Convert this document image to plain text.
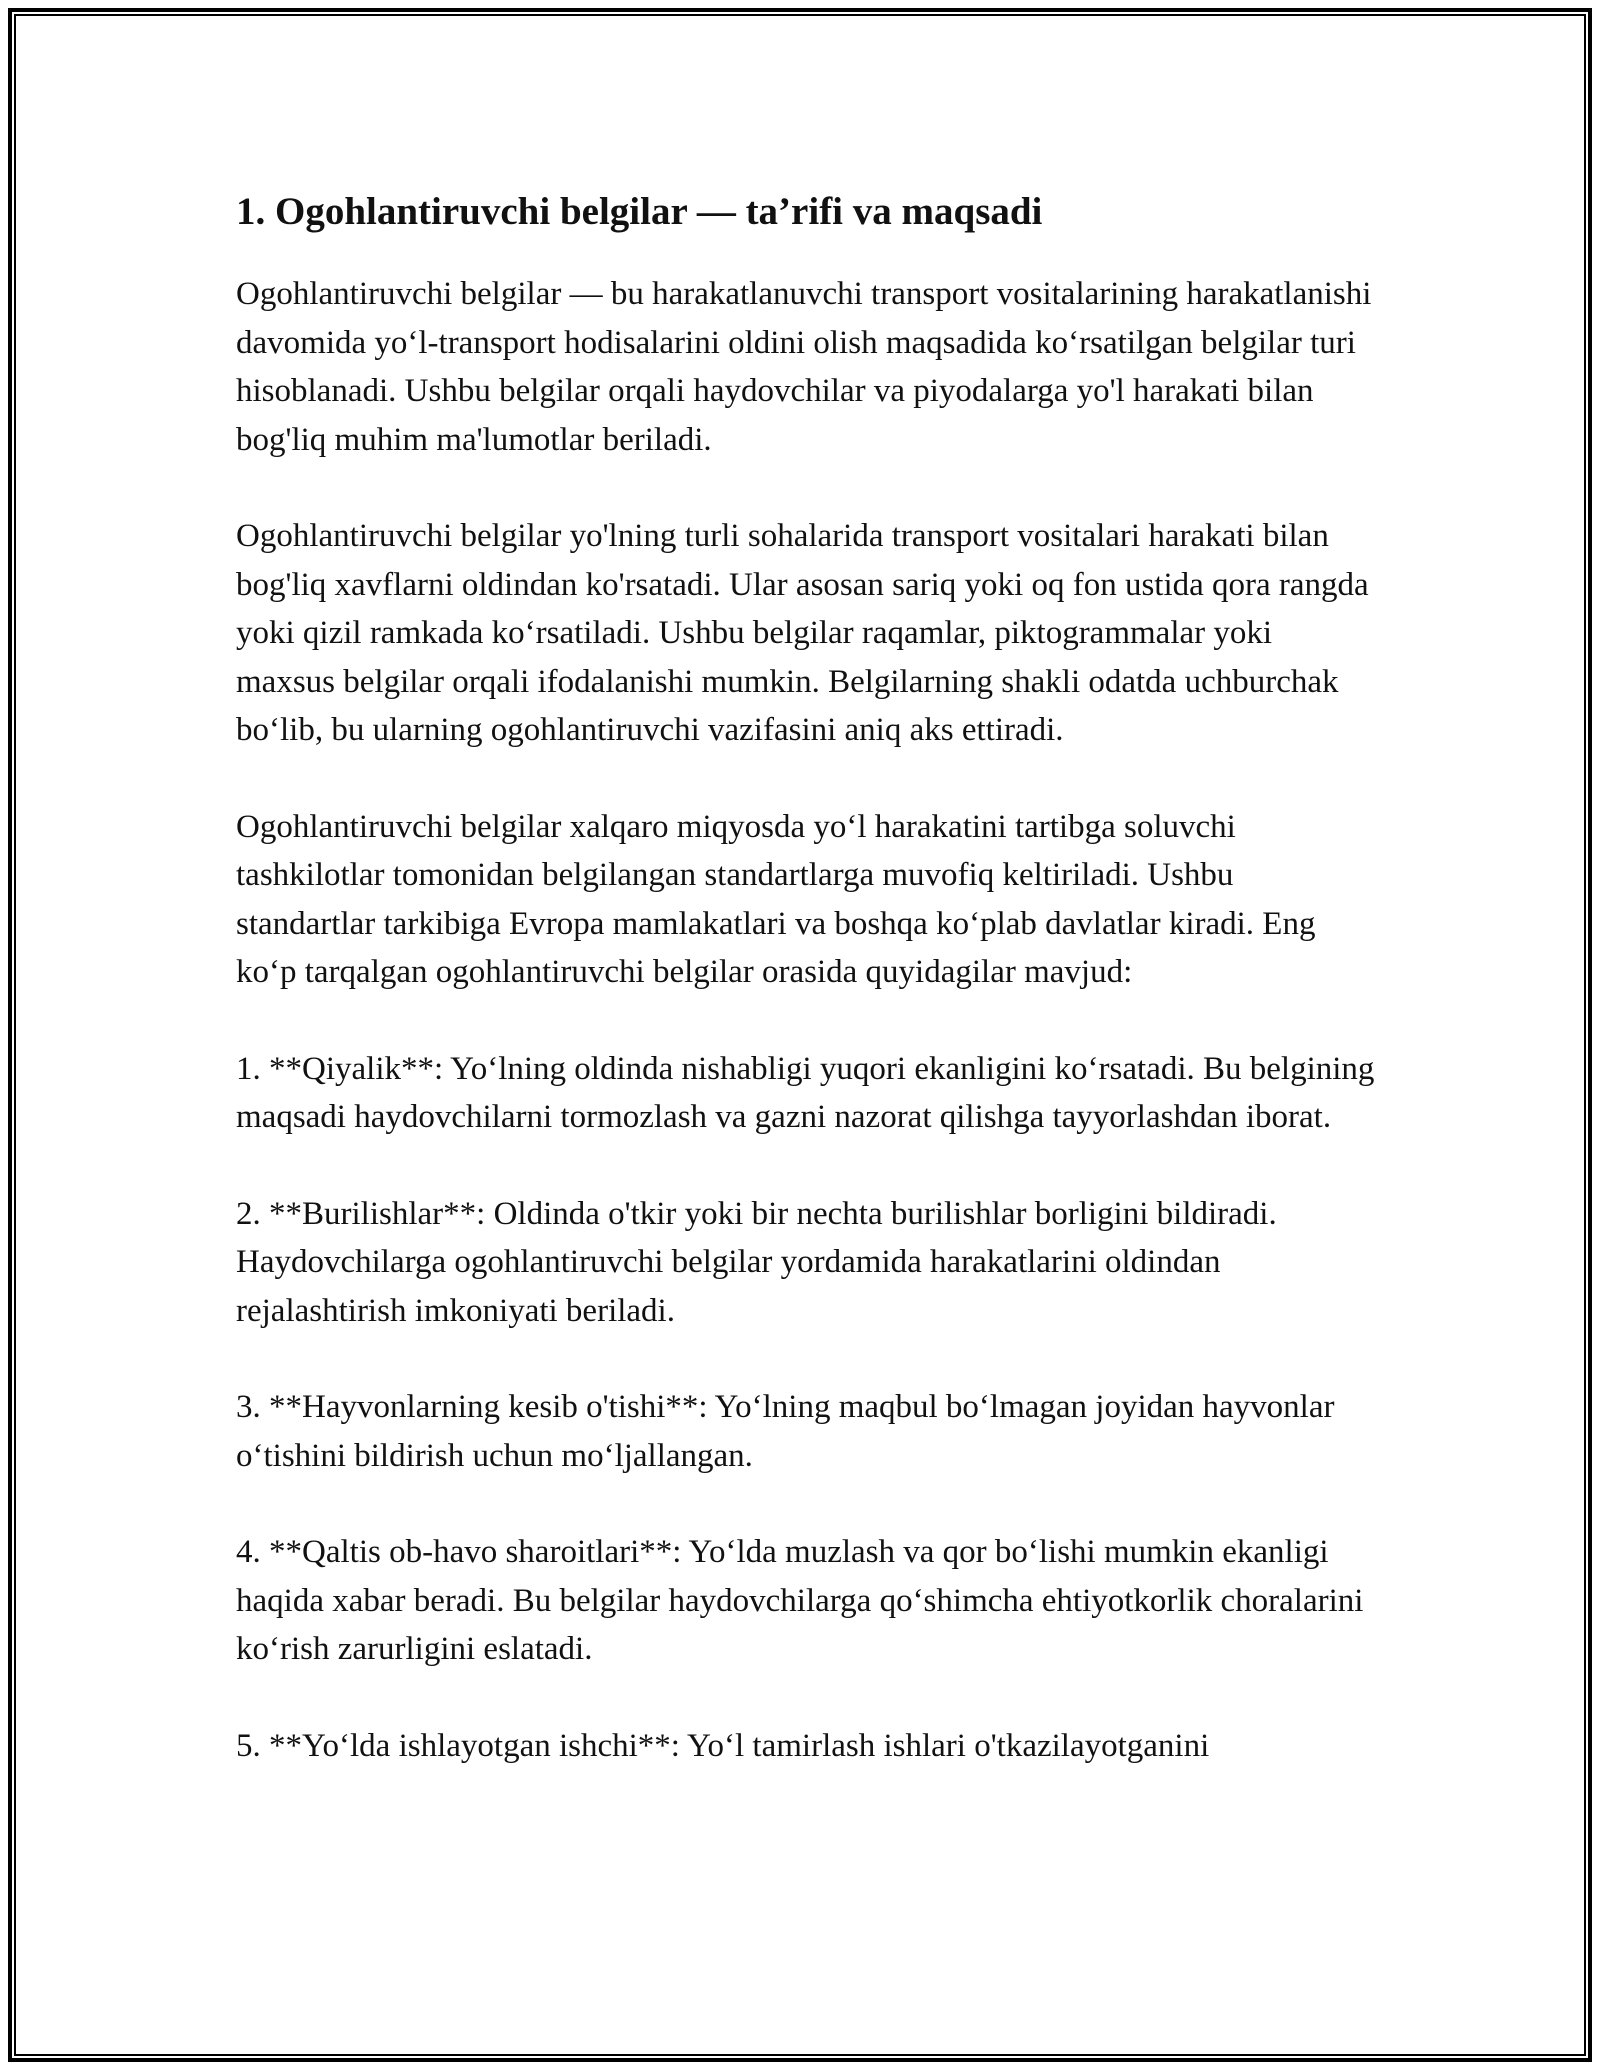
1. Ogohlantiruvchi belgilar — ta’rifi va maqsadi

Ogohlantiruvchi belgilar — bu harakatlanuvchi transport vositalarining harakatlanishi davomida yo‘l-transport hodisalarini oldini olish maqsadida ko‘rsatilgan belgilar turi hisoblanadi. Ushbu belgilar orqali haydovchilar va piyodalarga yo'l harakati bilan bog'liq muhim ma'lumotlar beriladi.

Ogohlantiruvchi belgilar yo'lning turli sohalarida transport vositalari harakati bilan bog'liq xavflarni oldindan ko'rsatadi. Ular asosan sariq yoki oq fon ustida qora rangda yoki qizil ramkada ko‘rsatiladi. Ushbu belgilar raqamlar, piktogrammalar yoki maxsus belgilar orqali ifodalanishi mumkin. Belgilarning shakli odatda uchburchak bo‘lib, bu ularning ogohlantiruvchi vazifasini aniq aks ettiradi.

Ogohlantiruvchi belgilar xalqaro miqyosda yo‘l harakatini tartibga soluvchi tashkilotlar tomonidan belgilangan standartlarga muvofiq keltiriladi. Ushbu standartlar tarkibiga Evropa mamlakatlari va boshqa ko‘plab davlatlar kiradi. Eng ko‘p tarqalgan ogohlantiruvchi belgilar orasida quyidagilar mavjud:

1. **Qiyalik**: Yo‘lning oldinda nishabligi yuqori ekanligini ko‘rsatadi. Bu belgining maqsadi haydovchilarni tormozlash va gazni nazorat qilishga tayyorlashdan iborat.

2. **Burilishlar**: Oldinda o'tkir yoki bir nechta burilishlar borligini bildiradi. Haydovchilarga ogohlantiruvchi belgilar yordamida harakatlarini oldindan rejalashtirish imkoniyati beriladi.

3. **Hayvonlarning kesib o'tishi**: Yo‘lning maqbul bo‘lmagan joyidan hayvonlar o‘tishini bildirish uchun mo‘ljallangan.

4. **Qaltis ob-havo sharoitlari**: Yo‘lda muzlash va qor bo‘lishi mumkin ekanligi haqida xabar beradi. Bu belgilar haydovchilarga qo‘shimcha ehtiyotkorlik choralarini ko‘rish zarurligini eslatadi.

5. **Yo‘lda ishlayotgan ishchi**: Yo‘l tamirlash ishlari o'tkazilayotganini
